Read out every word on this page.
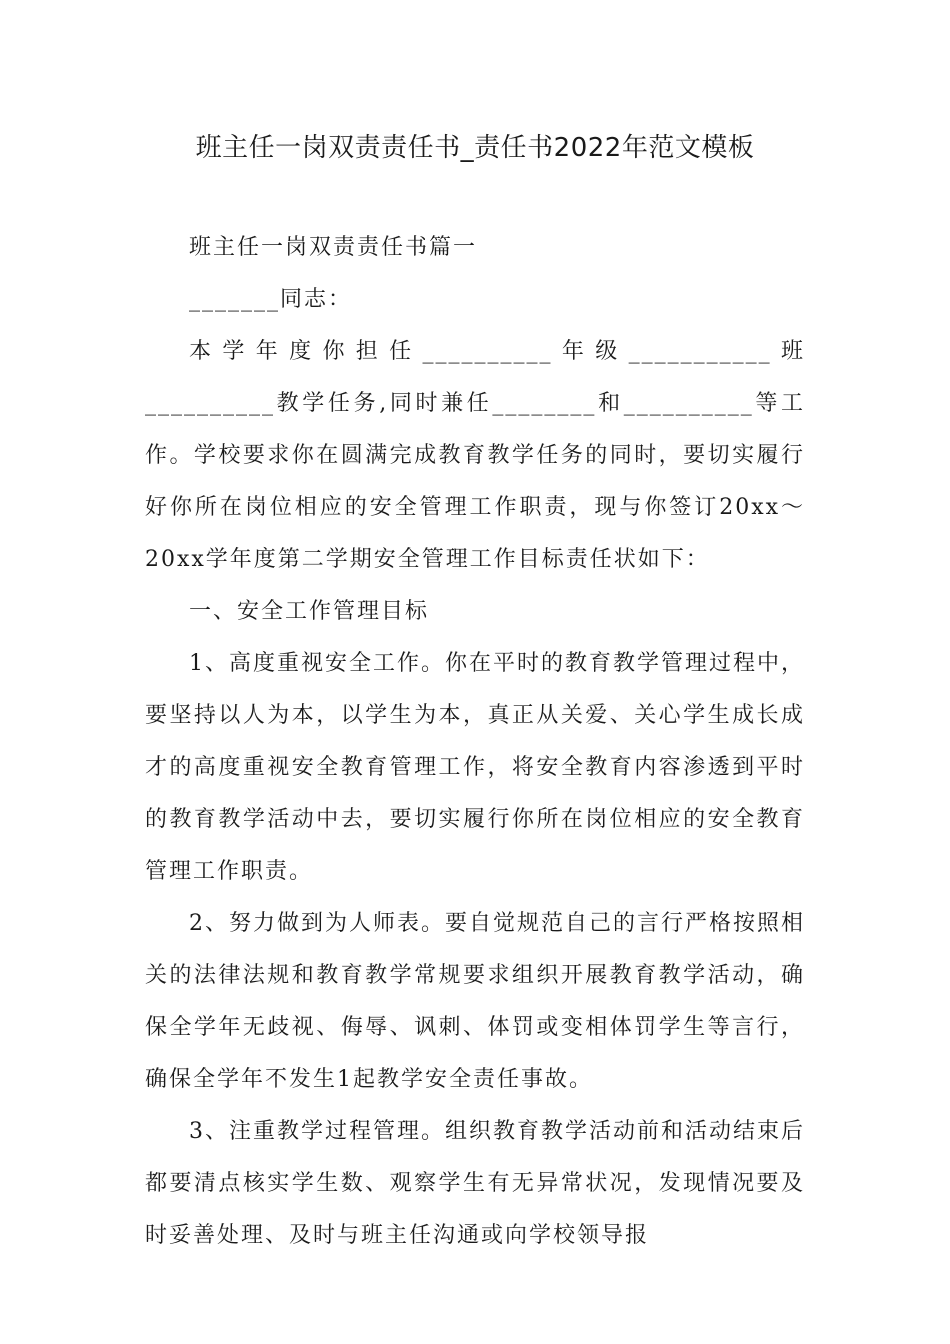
班主任一岗双责责任书_责任书2022年范文模板

班主任一岗双责责任书篇一

_______同志：

本学年度你担任__________年级___________班__________教学任务,同时兼任________和__________等工作。学校要求你在圆满完成教育教学任务的同时，要切实履行好你所在岗位相应的安全管理工作职责，现与你签订20xx～20xx学年度第二学期安全管理工作目标责任状如下：

一、安全工作管理目标

1、高度重视安全工作。你在平时的教育教学管理过程中，要坚持以人为本，以学生为本，真正从关爱、关心学生成长成才的高度重视安全教育管理工作，将安全教育内容渗透到平时的教育教学活动中去，要切实履行你所在岗位相应的安全教育管理工作职责。

2、努力做到为人师表。要自觉规范自己的言行严格按照相关的法律法规和教育教学常规要求组织开展教育教学活动，确保全学年无歧视、侮辱、讽刺、体罚或变相体罚学生等言行，确保全学年不发生1起教学安全责任事故。

3、注重教学过程管理。组织教育教学活动前和活动结束后都要清点核实学生数、观察学生有无异常状况，发现情况要及时妥善处理、及时与班主任沟通或向学校领导报
